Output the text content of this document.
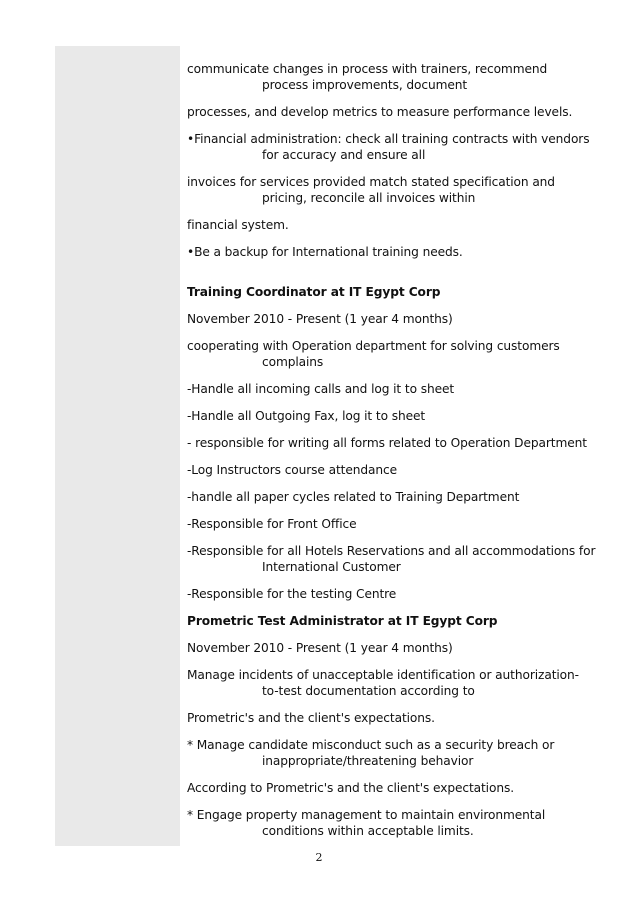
communicate changes in process with trainers, recommend
process improvements, document

processes, and develop metrics to measure performance levels.

•Financial administration: check all training contracts with vendors
for accuracy and ensure all

invoices for services provided match stated specification and
pricing, reconcile all invoices within

financial system.

•Be a backup for International training needs.

Training Coordinator at IT Egypt Corp

November 2010 - Present (1 year 4 months)

cooperating with Operation department for solving customers
complains

-Handle all incoming calls and log it to sheet

-Handle all Outgoing Fax, log it to sheet

- responsible for writing all forms related to Operation Department

-Log Instructors course attendance

-handle all paper cycles related to Training Department

-Responsible for Front Office

-Responsible for all Hotels Reservations and all accommodations for
International Customer

-Responsible for the testing Centre

Prometric Test Administrator at IT Egypt Corp

November 2010 - Present (1 year 4 months)

Manage incidents of unacceptable identification or authorization-
to-test documentation according to

Prometric's and the client's expectations.

* Manage candidate misconduct such as a security breach or
inappropriate/threatening behavior

According to Prometric's and the client's expectations.

* Engage property management to maintain environmental
conditions within acceptable limits.

2
